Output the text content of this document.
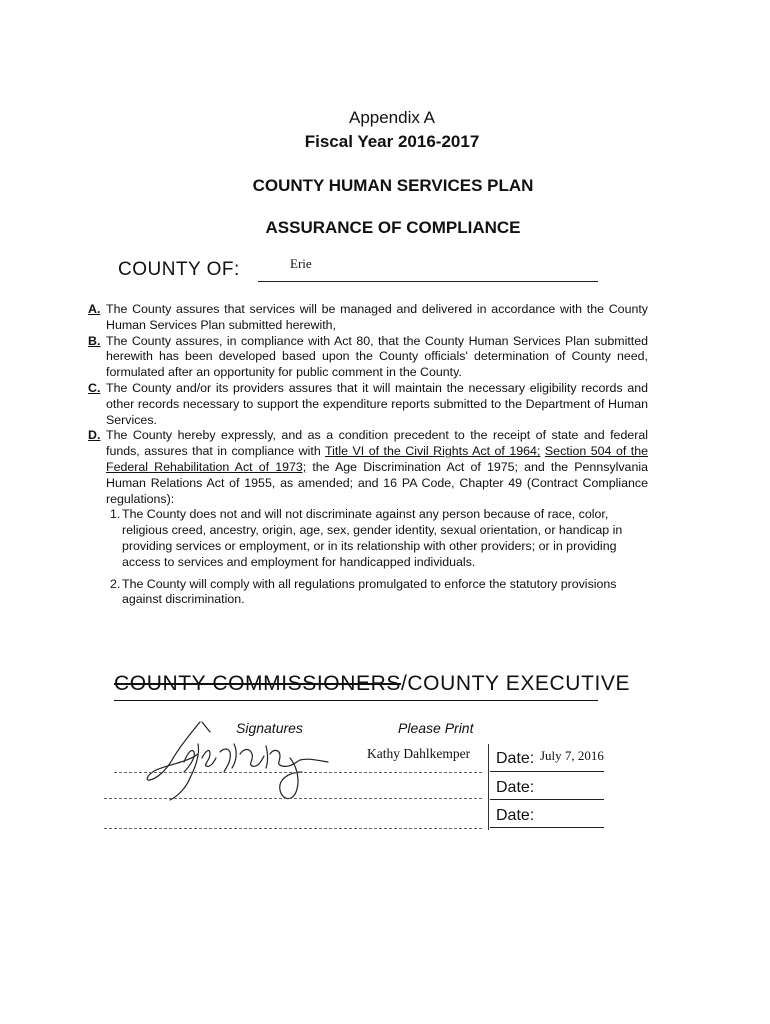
Appendix A
Fiscal Year 2016-2017
COUNTY HUMAN SERVICES PLAN
ASSURANCE OF COMPLIANCE
COUNTY OF:	Erie
A. The County assures that services will be managed and delivered in accordance with the County Human Services Plan submitted herewith,

B. The County assures, in compliance with Act 80, that the County Human Services Plan submitted herewith has been developed based upon the County officials' determination of County need, formulated after an opportunity for public comment in the County.

C. The County and/or its providers assures that it will maintain the necessary eligibility records and other records necessary to support the expenditure reports submitted to the Department of Human Services.

D. The County hereby expressly, and as a condition precedent to the receipt of state and federal funds, assures that in compliance with Title VI of the Civil Rights Act of 1964; Section 504 of the Federal Rehabilitation Act of 1973; the Age Discrimination Act of 1975; and the Pennsylvania Human Relations Act of 1955, as amended; and 16 PA Code, Chapter 49 (Contract Compliance regulations):

1. The County does not and will not discriminate against any person because of race, color, religious creed, ancestry, origin, age, sex, gender identity, sexual orientation, or handicap in providing services or employment, or in its relationship with other providers; or in providing access to services and employment for handicapped individuals.

2. The County will comply with all regulations promulgated to enforce the statutory provisions against discrimination.

COUNTY COMMISSIONERS/COUNTY EXECUTIVE
Signatures	Please Print
Kathy Dahlkemper Date: July 7, 2016
Date:
Date:
